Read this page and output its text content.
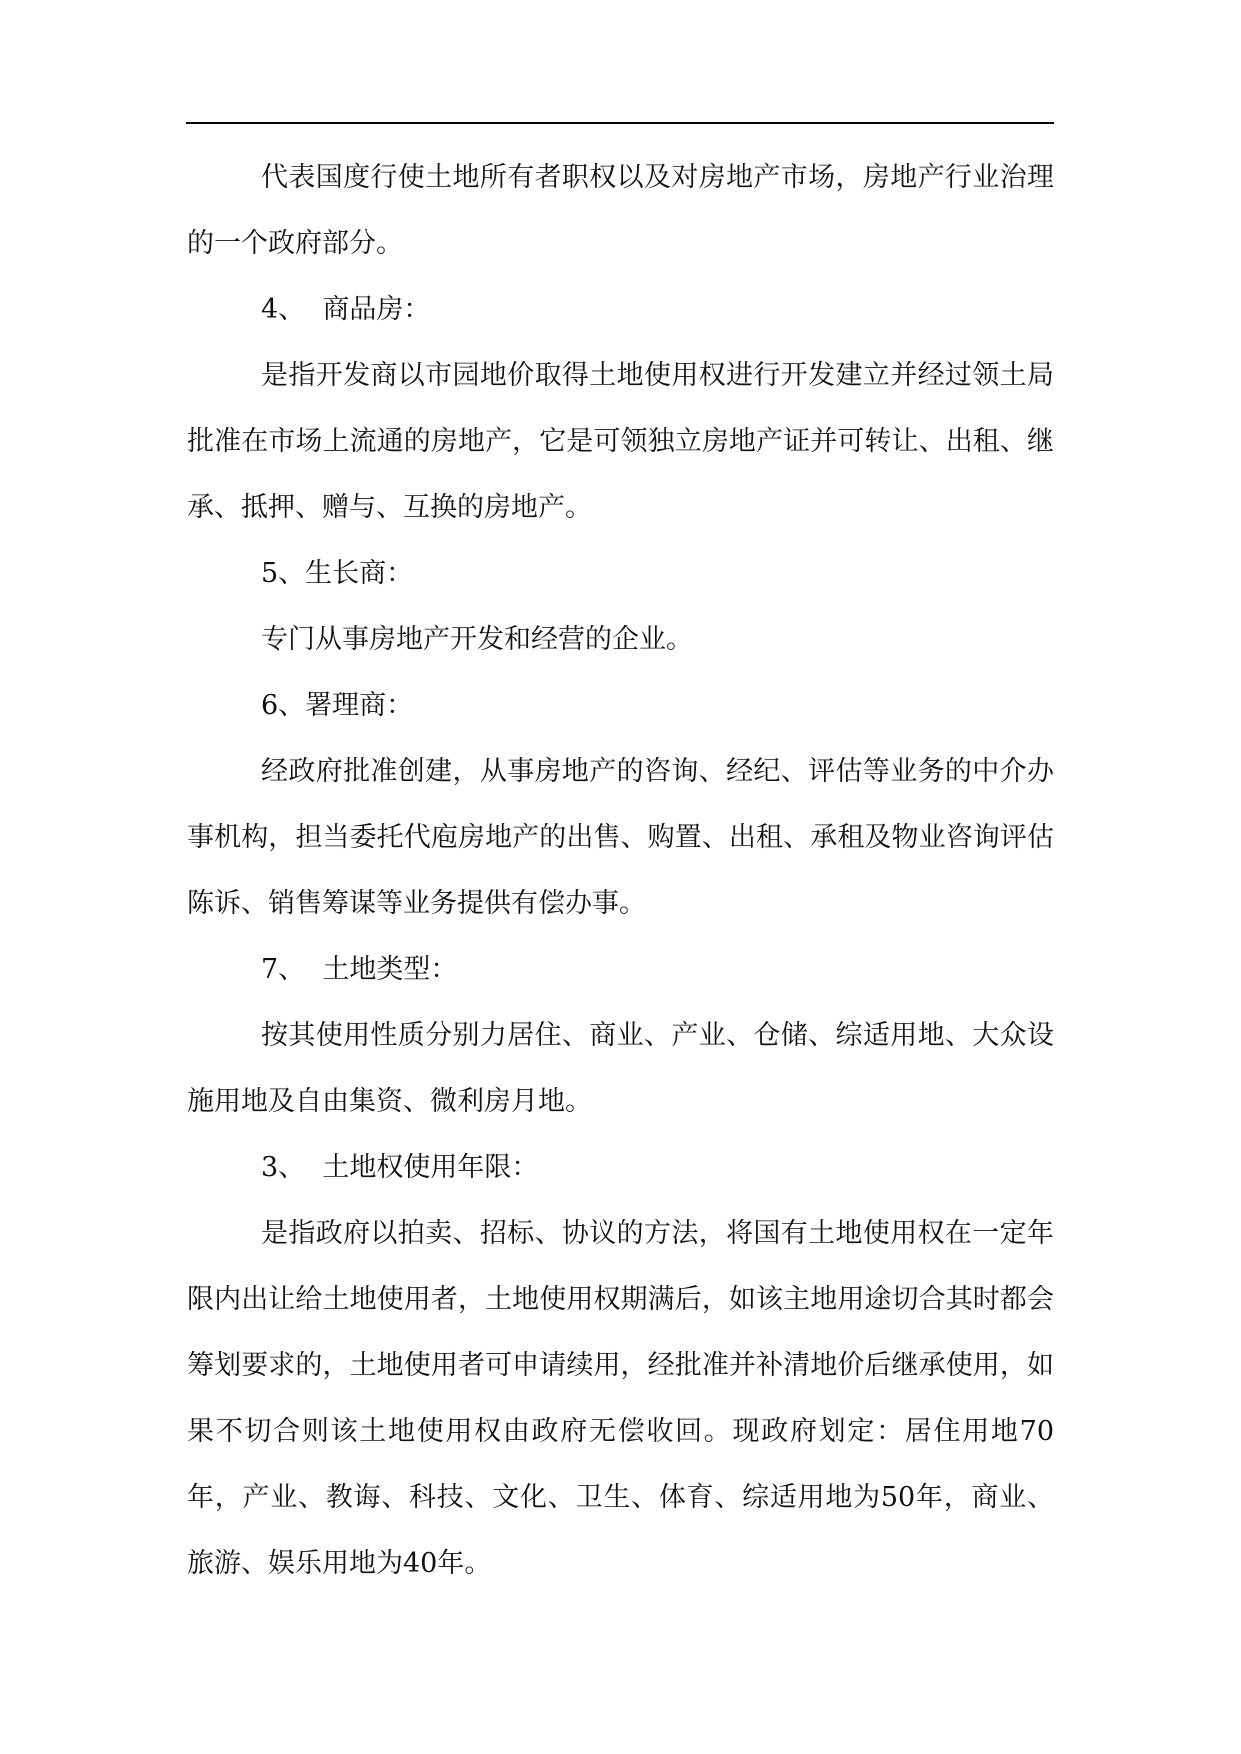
代表国度行使土地所有者职权以及对房地产市场，房地产行业治理的一个政府部分。

4、  商品房：

是指开发商以市园地价取得土地使用权进行开发建立并经过领土局批准在市场上流通的房地产，它是可领独立房地产证并可转让、出租、继承、抵押、赠与、互换的房地产。

5、生长商：

专门从事房地产开发和经营的企业。

6、署理商：

经政府批准创建，从事房地产的咨询、经纪、评估等业务的中介办事机构，担当委托代庖房地产的出售、购置、出租、承租及物业咨询评估陈诉、销售筹谋等业务提供有偿办事。

7、  土地类型：

按其使用性质分别力居住、商业、产业、仓储、综适用地、大众设施用地及自由集资、微利房月地。

3、  土地权使用年限：

是指政府以拍卖、招标、协议的方法，将国有土地使用权在一定年限内出让给土地使用者，土地使用权期满后，如该主地用途切合其时都会筹划要求的，土地使用者可申请续用，经批准并补清地价后继承使用，如果不切合则该土地使用权由政府无偿收回。现政府划定：居住用地70年，产业、教诲、科技、文化、卫生、体育、综适用地为50年，商业、旅游、娱乐用地为40年。
